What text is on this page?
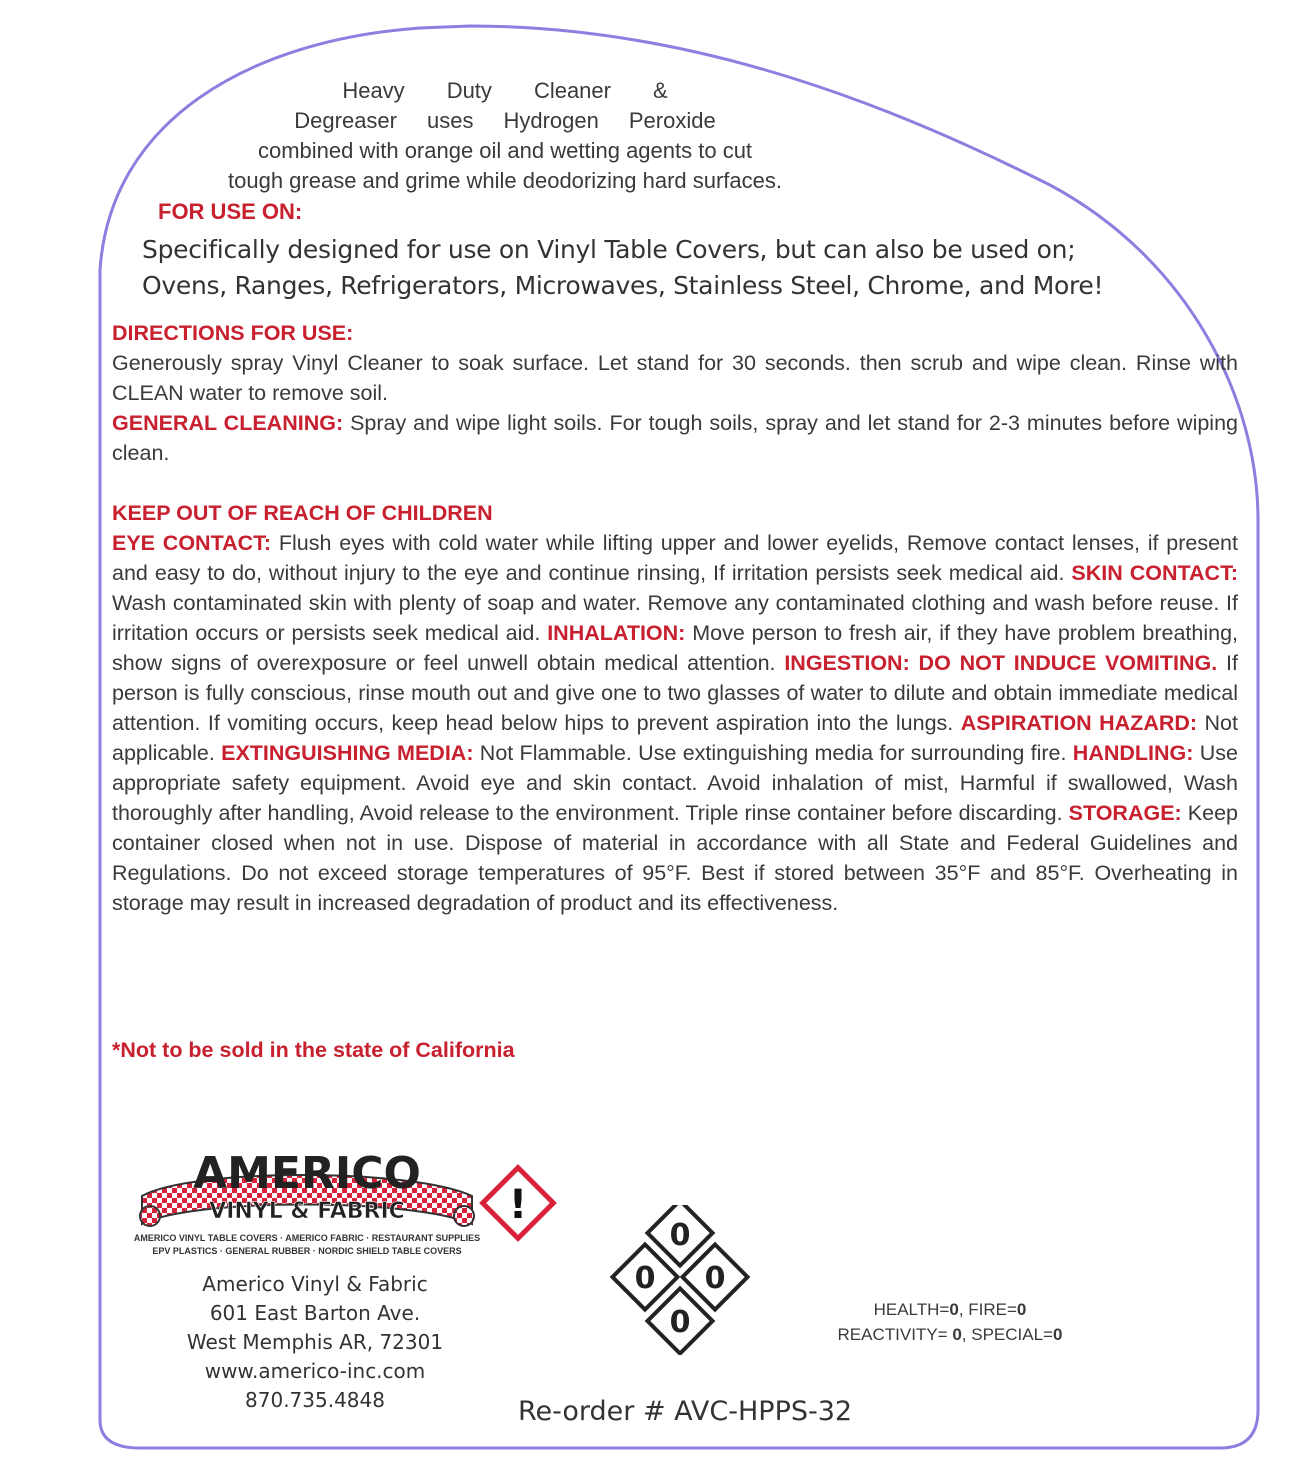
Heavy Duty Cleaner &
Degreaser uses Hydrogen Peroxide
combined with orange oil and wetting agents to cut
tough grease and grime while deodorizing hard surfaces.
FOR USE ON:
Specifically designed for use on Vinyl Table Covers, but can also be used on;
Ovens, Ranges, Refrigerators, Microwaves, Stainless Steel, Chrome, and More!

DIRECTIONS FOR USE:

Generously spray Vinyl Cleaner to soak surface. Let stand for 30 seconds. then scrub and wipe clean. Rinse with CLEAN water to remove soil.

GENERAL CLEANING: Spray and wipe light soils. For tough soils, spray and let stand for 2-3 minutes before wiping clean.

KEEP OUT OF REACH OF CHILDREN

EYE CONTACT: Flush eyes with cold water while lifting upper and lower eyelids, Remove contact lenses, if present and easy to do, without injury to the eye and continue rinsing, If irritation persists seek medical aid. SKIN CONTACT: Wash contaminated skin with plenty of soap and water. Remove any contaminated clothing and wash before reuse. If irritation occurs or persists seek medical aid. INHALATION: Move person to fresh air, if they have problem breathing, show signs of overexposure or feel unwell obtain medical attention. INGESTION: DO NOT INDUCE VOMITING. If person is fully conscious, rinse mouth out and give one to two glasses of water to dilute and obtain immediate medical attention. If vomiting occurs, keep head below hips to prevent aspiration into the lungs. ASPIRATION HAZARD: Not applicable. EXTINGUISHING MEDIA: Not Flammable. Use extinguishing media for surrounding fire. HANDLING: Use appropriate safety equipment. Avoid eye and skin contact. Avoid inhalation of mist, Harmful if swallowed, Wash thoroughly after handling, Avoid release to the environment. Triple rinse container before discarding. STORAGE: Keep container closed when not in use. Dispose of material in accordance with all State and Federal Guidelines and Regulations. Do not exceed storage temperatures of 95°F. Best if stored between 35°F and 85°F. Overheating in storage may result in increased degradation of product and its effectiveness.

*Not to be sold in the state of California
AMERICO
VINYL & FABRIC
AMERICO VINYL TABLE COVERS · AMERICO FABRIC · RESTAURANT SUPPLIES
EPV PLASTICS · GENERAL RUBBER · NORDIC SHIELD TABLE COVERS
Americo Vinyl & Fabric
601 East Barton Ave.
West Memphis AR, 72301
www.americo-inc.com
870.735.4848
!
0
0 0
0	HEALTH=0, FIRE=0
REACTIVITY= 0, SPECIAL=0
Re-order # AVC-HPPS-32
